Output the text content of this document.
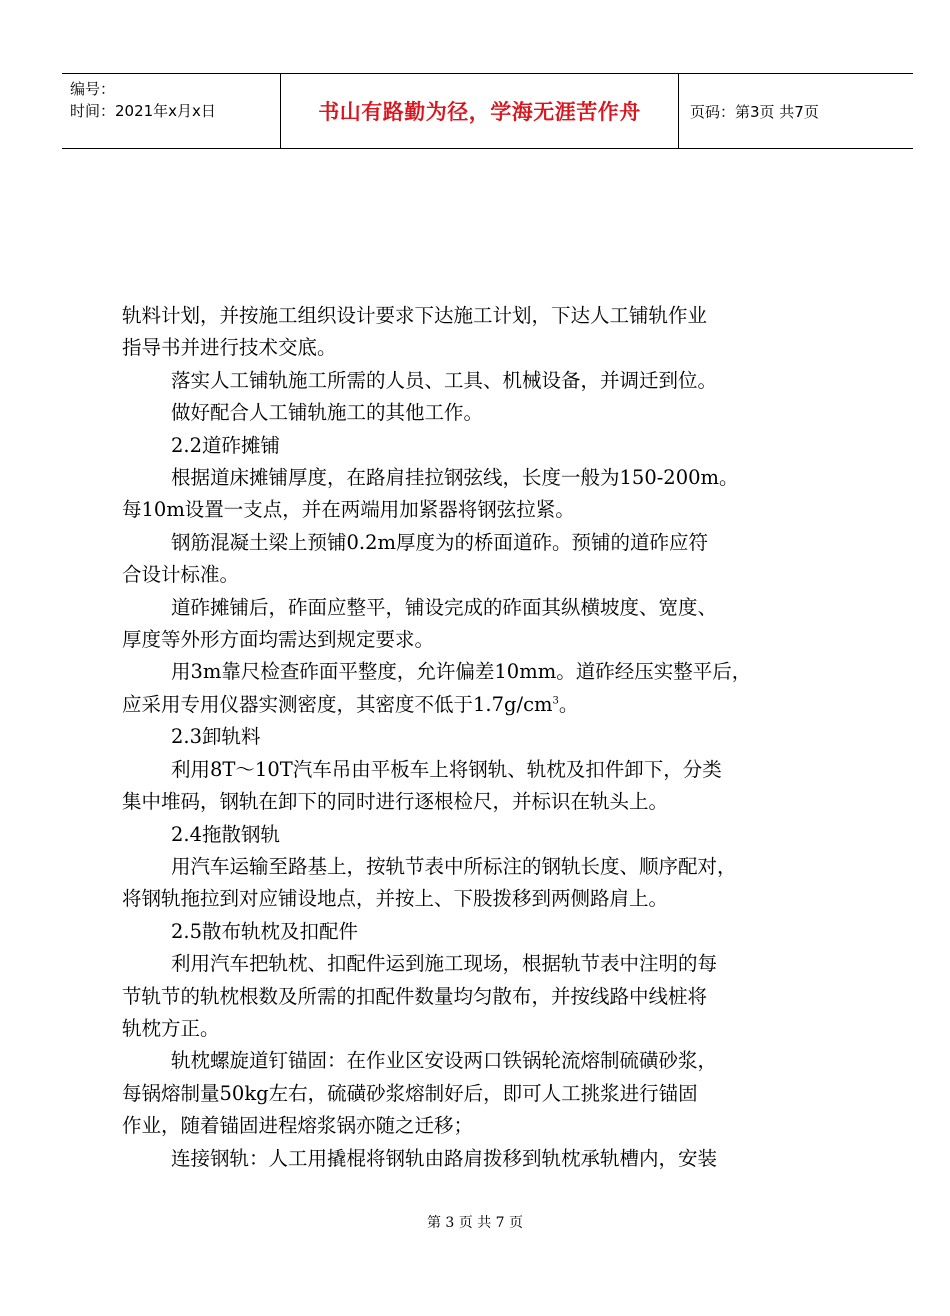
编号：
时间：2021年x月x日	书山有路勤为径，学海无涯苦作舟	页码：第3页 共7页

轨料计划，并按施工组织设计要求下达施工计划，下达人工铺轨作业

指导书并进行技术交底。

落实人工铺轨施工所需的人员、工具、机械设备，并调迁到位。

做好配合人工铺轨施工的其他工作。

2.2道砟摊铺

根据道床摊铺厚度，在路肩挂拉钢弦线，长度一般为150-200m。

每10m设置一支点，并在两端用加紧器将钢弦拉紧。

钢筋混凝土梁上预铺0.2m厚度为的桥面道砟。预铺的道砟应符

合设计标准。

道砟摊铺后，砟面应整平，铺设完成的砟面其纵横坡度、宽度、

厚度等外形方面均需达到规定要求。

用3m靠尺检查砟面平整度，允许偏差10mm。道砟经压实整平后，

应采用专用仪器实测密度，其密度不低于$1.7g/cm^3$。

2.3卸轨料

利用8T～10T汽车吊由平板车上将钢轨、轨枕及扣件卸下，分类

集中堆码，钢轨在卸下的同时进行逐根检尺，并标识在轨头上。

2.4拖散钢轨

用汽车运输至路基上，按轨节表中所标注的钢轨长度、顺序配对，

将钢轨拖拉到对应铺设地点，并按上、下股拨移到两侧路肩上。

2.5散布轨枕及扣配件

利用汽车把轨枕、扣配件运到施工现场，根据轨节表中注明的每

节轨节的轨枕根数及所需的扣配件数量均匀散布，并按线路中线桩将

轨枕方正。

轨枕螺旋道钉锚固：在作业区安设两口铁锅轮流熔制硫磺砂浆，

每锅熔制量50kg左右，硫磺砂浆熔制好后，即可人工挑浆进行锚固

作业，随着锚固进程熔浆锅亦随之迁移；

连接钢轨：人工用撬棍将钢轨由路肩拨移到轨枕承轨槽内，安装

第 3 页 共 7 页
